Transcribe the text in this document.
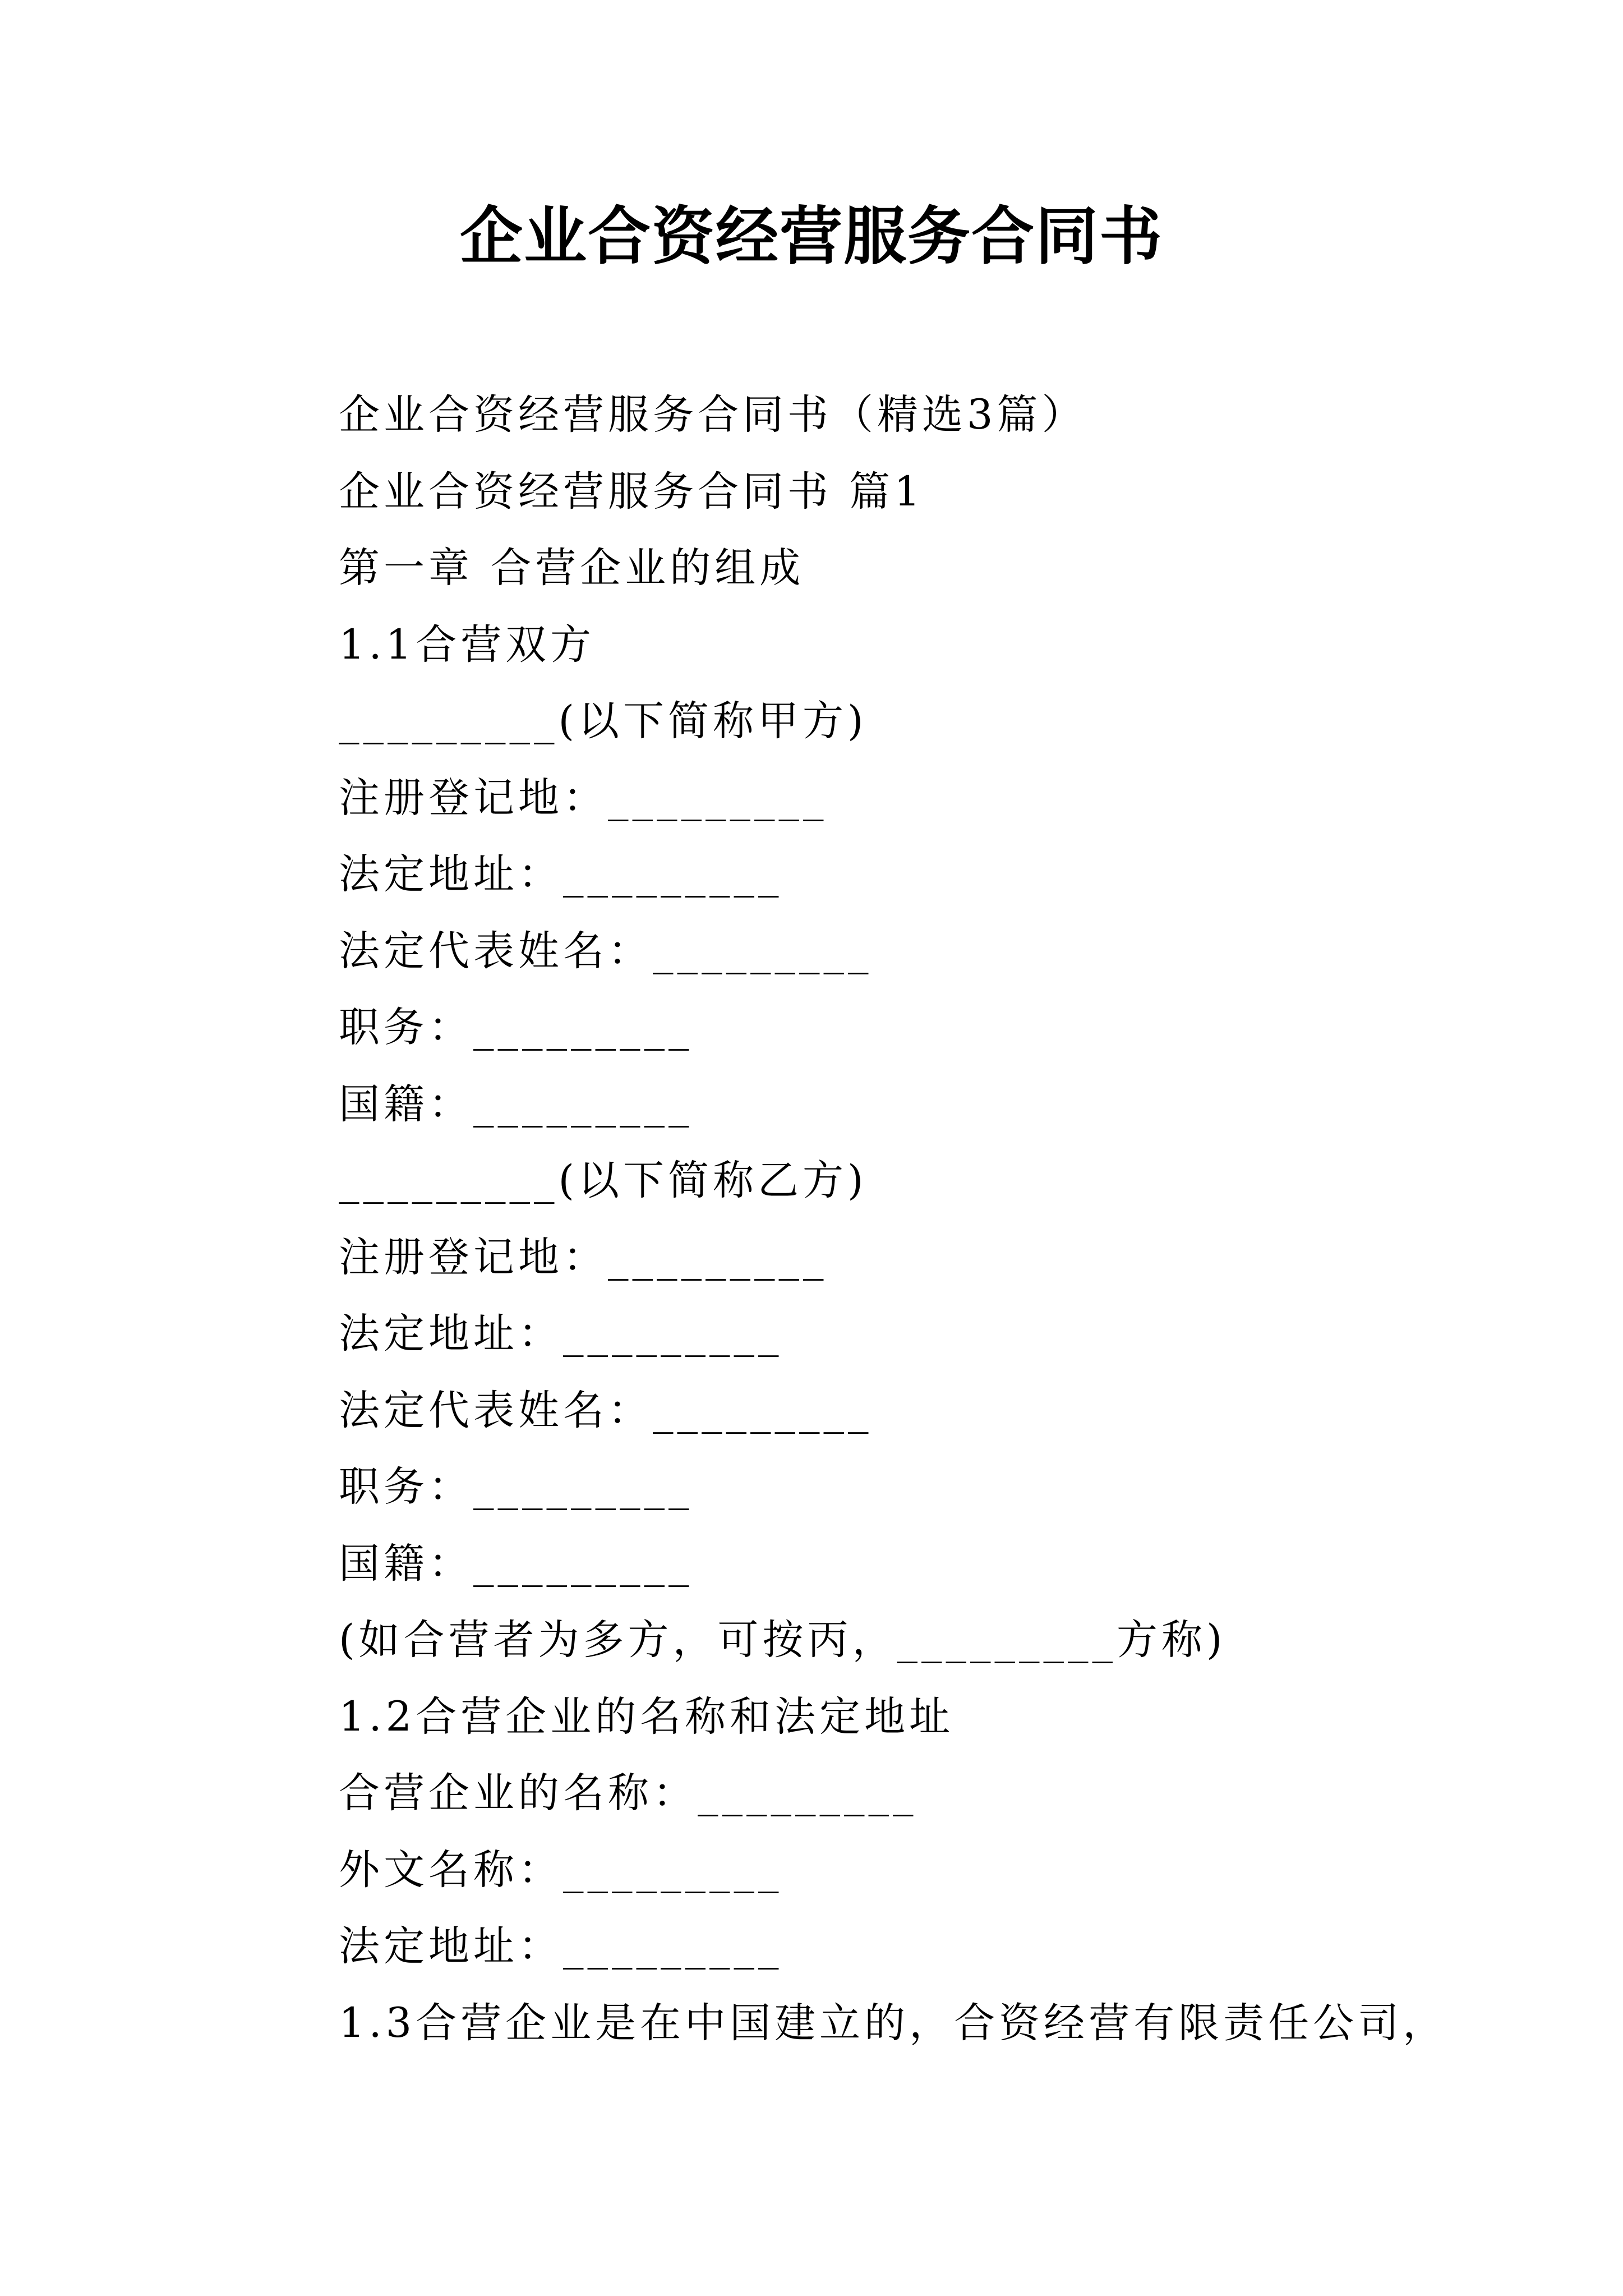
企业合资经营服务合同书

企业合资经营服务合同书（精选3篇）

企业合资经营服务合同书 篇1

第一章 合营企业的组成

1.1合营双方

_________(以下简称甲方)

注册登记地：_________

法定地址：_________

法定代表姓名：_________

职务：_________

国籍：_________

_________(以下简称乙方)

注册登记地：_________

法定地址：_________

法定代表姓名：_________

职务：_________

国籍：_________

(如合营者为多方，可按丙，_________方称)

1.2合营企业的名称和法定地址

合营企业的名称：_________

外文名称：_________

法定地址：_________

1.3合营企业是在中国建立的，合资经营有限责任公司，
